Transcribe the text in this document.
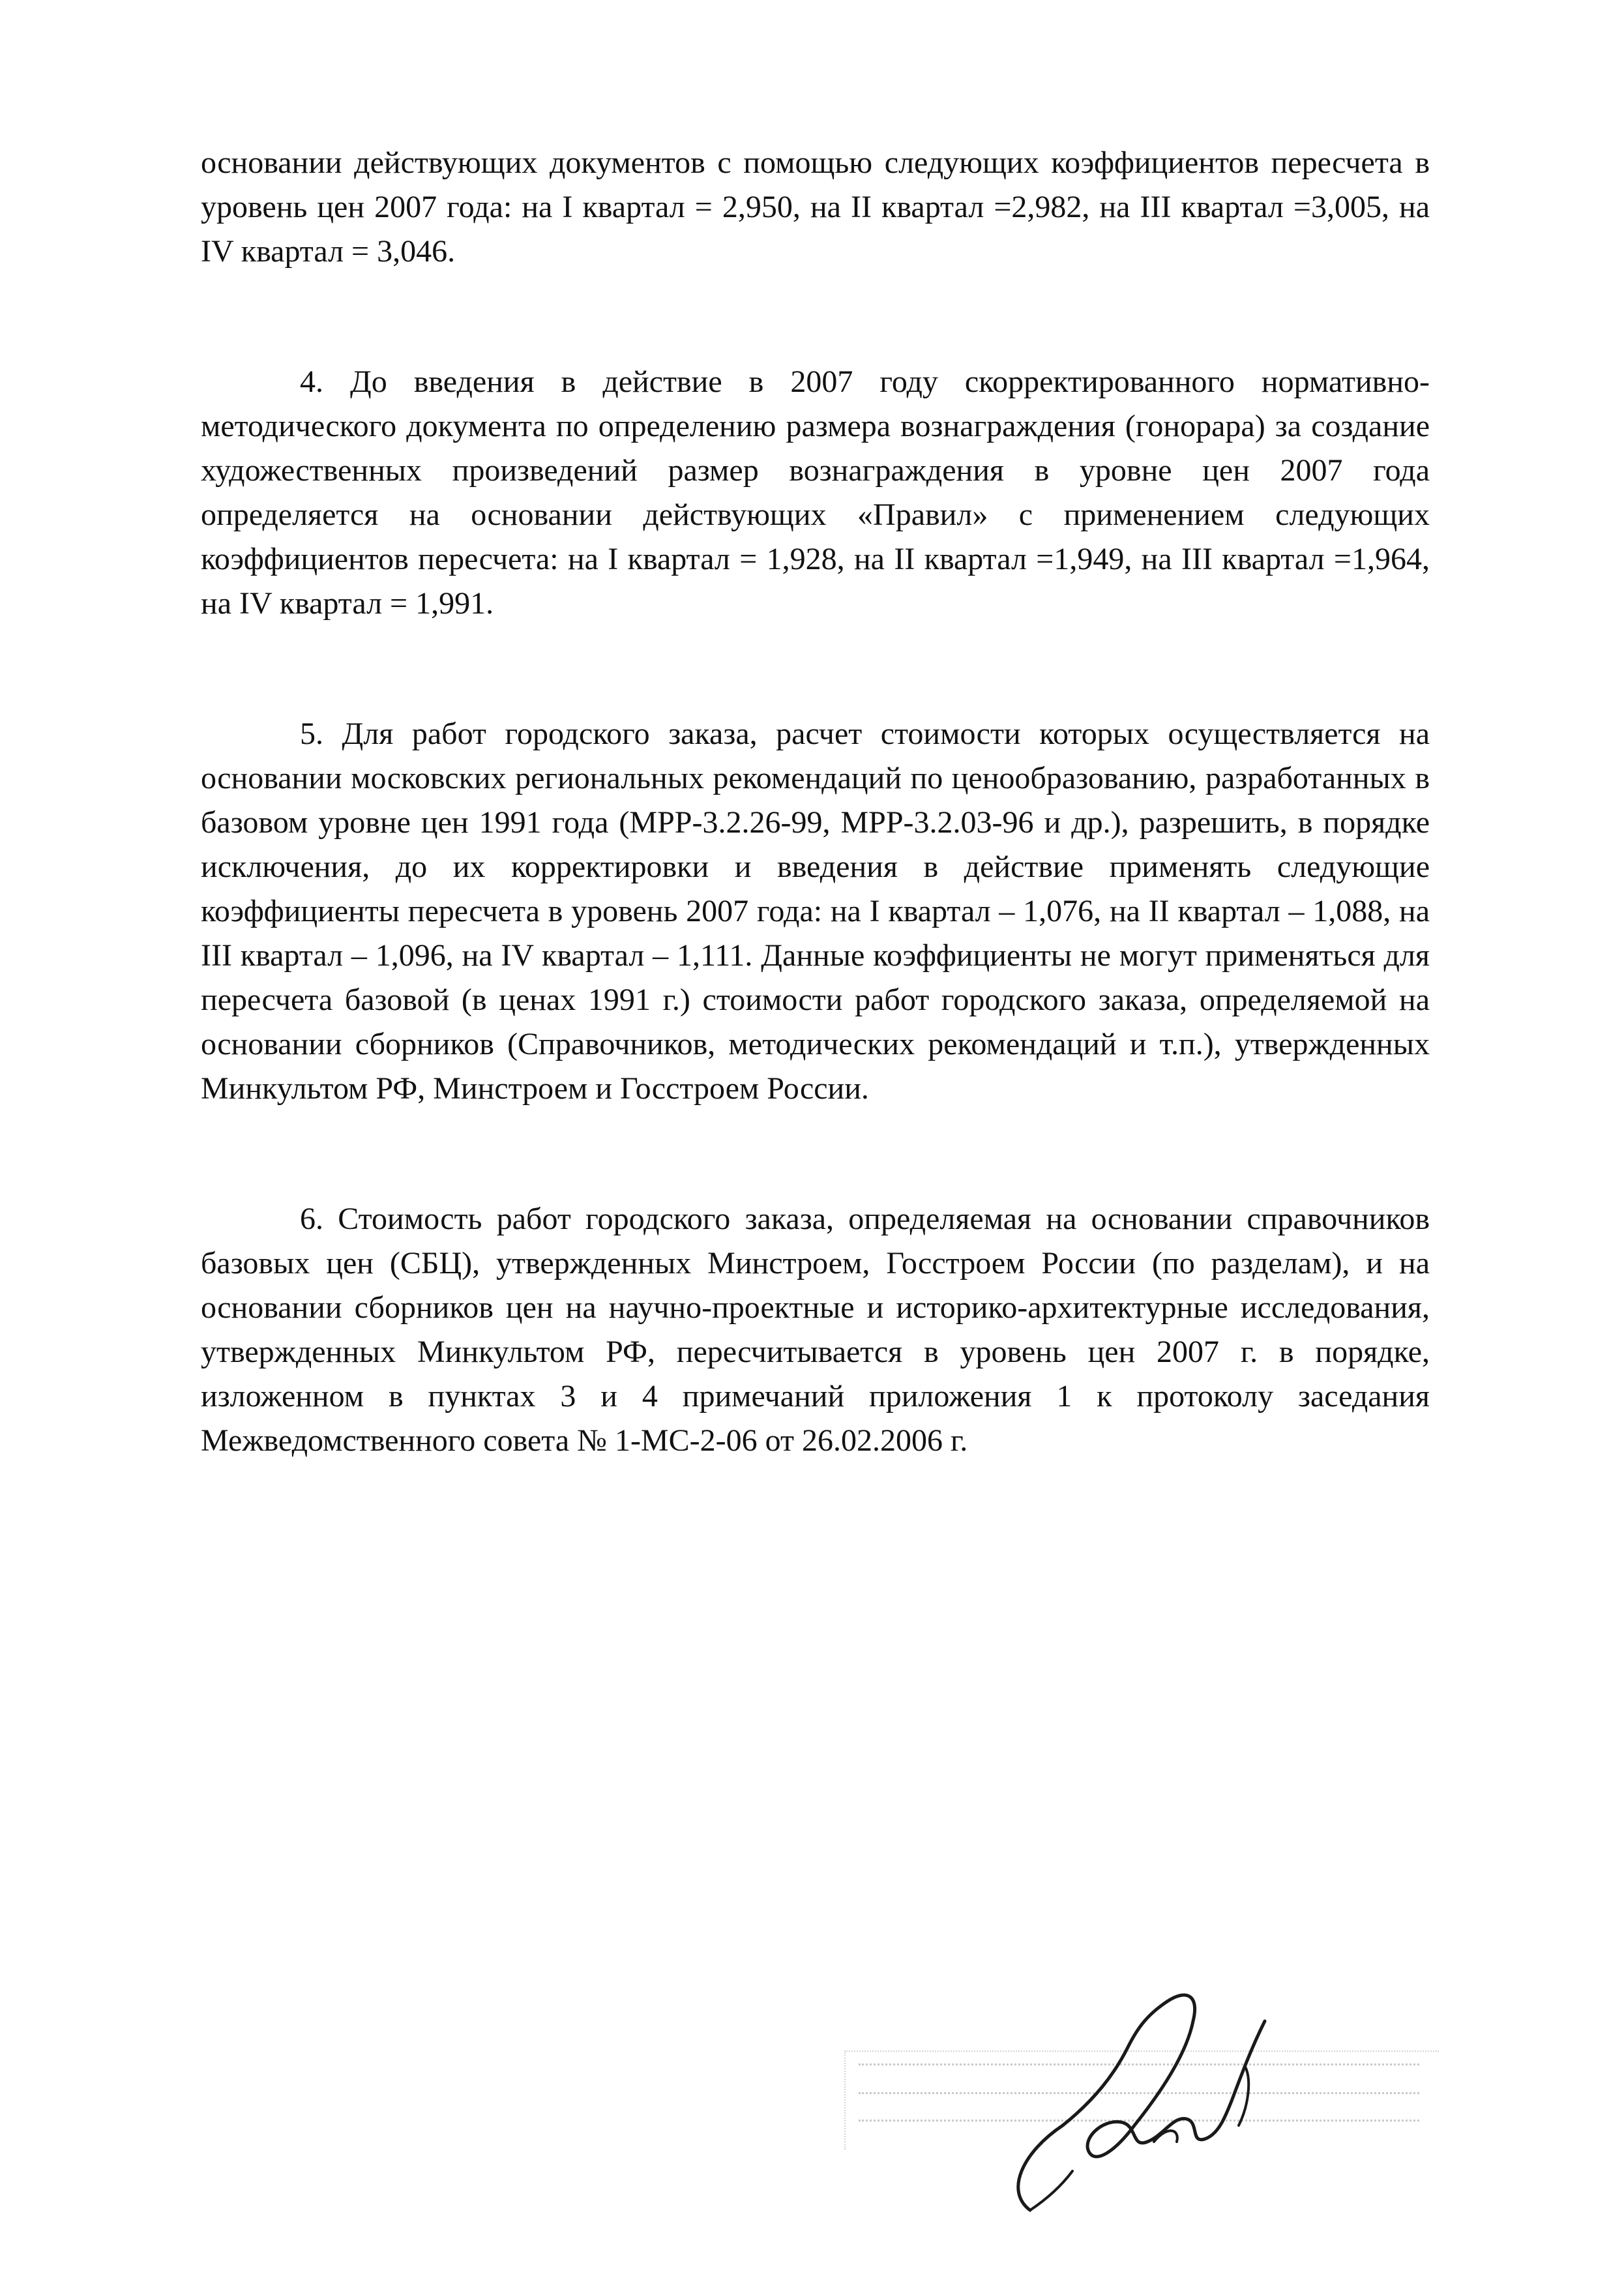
основании действующих документов с помощью следующих коэффициентов пересчета в уровень цен 2007 года: на I квартал = 2,950, на II квартал =2,982, на III квартал =3,005, на IV квартал = 3,046.

4. До введения в действие в 2007 году скорректированного нормативно-методического документа по определению размера вознаграждения (гонорара) за создание художественных произведений размер вознаграждения в уровне цен 2007 года определяется на основании действующих «Правил» с применением следующих коэффициентов пересчета: на I квартал = 1,928, на II квартал =1,949, на III квартал =1,964, на IV квартал = 1,991.

5. Для работ городского заказа, расчет стоимости которых осуществляется на основании московских региональных рекомендаций по ценообразованию, разработанных в базовом уровне цен 1991 года (МРР-3.2.26-99, МРР-3.2.03-96 и др.), разрешить, в порядке исключения, до их корректировки и введения в действие применять следующие коэффициенты пересчета в уровень 2007 года: на I квартал – 1,076, на II квартал – 1,088, на III квартал – 1,096, на IV квартал – 1,111. Данные коэффициенты не могут применяться для пересчета базовой (в ценах 1991 г.) стоимости работ городского заказа, определяемой на основании сборников (Справочников, методических рекомендаций и т.п.), утвержденных Минкультом РФ, Минстроем и Госстроем России.

6. Стоимость работ городского заказа, определяемая на основании справочников базовых цен (СБЦ), утвержденных Минстроем, Госстроем России (по разделам), и на основании сборников цен на научно-проектные и историко-архитектурные исследования, утвержденных Минкультом РФ, пересчитывается в уровень цен 2007 г. в порядке, изложенном в пунктах 3 и 4 примечаний приложения 1 к протоколу заседания Межведомственного совета № 1-МС-2-06 от 26.02.2006 г.
